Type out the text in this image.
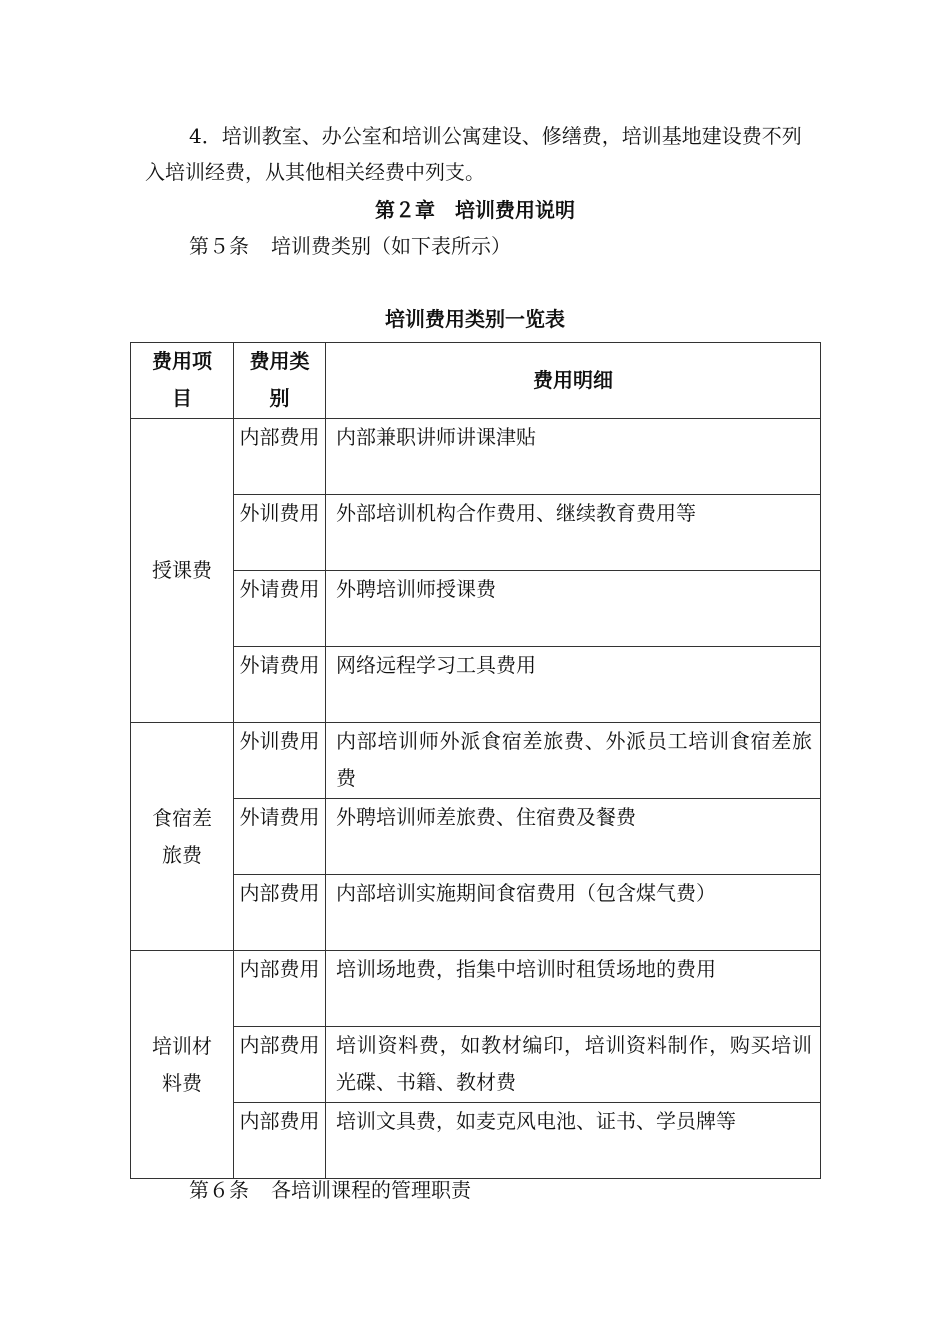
4．培训教室、办公室和培训公寓建设、修缮费，培训基地建设费不列入培训经费，从其他相关经费中列支。

第２章　培训费用说明

第５条 培训费类别（如下表所示）

培训费用类别一览表

费用项目	费用类别	费用明细
授课费	内部费用	内部兼职讲师讲课津贴
	外训费用	外部培训机构合作费用、继续教育费用等
	外请费用	外聘培训师授课费
	外请费用	网络远程学习工具费用
食宿差旅费	外训费用	内部培训师外派食宿差旅费、外派员工培训食宿差旅费
	外请费用	外聘培训师差旅费、住宿费及餐费
	内部费用	内部培训实施期间食宿费用（包含煤气费）
培训材料费	内部费用	培训场地费，指集中培训时租赁场地的费用
	内部费用	培训资料费，如教材编印，培训资料制作，购买培训光碟、书籍、教材费
	内部费用	培训文具费，如麦克风电池、证书、学员牌等

第６条 各培训课程的管理职责
